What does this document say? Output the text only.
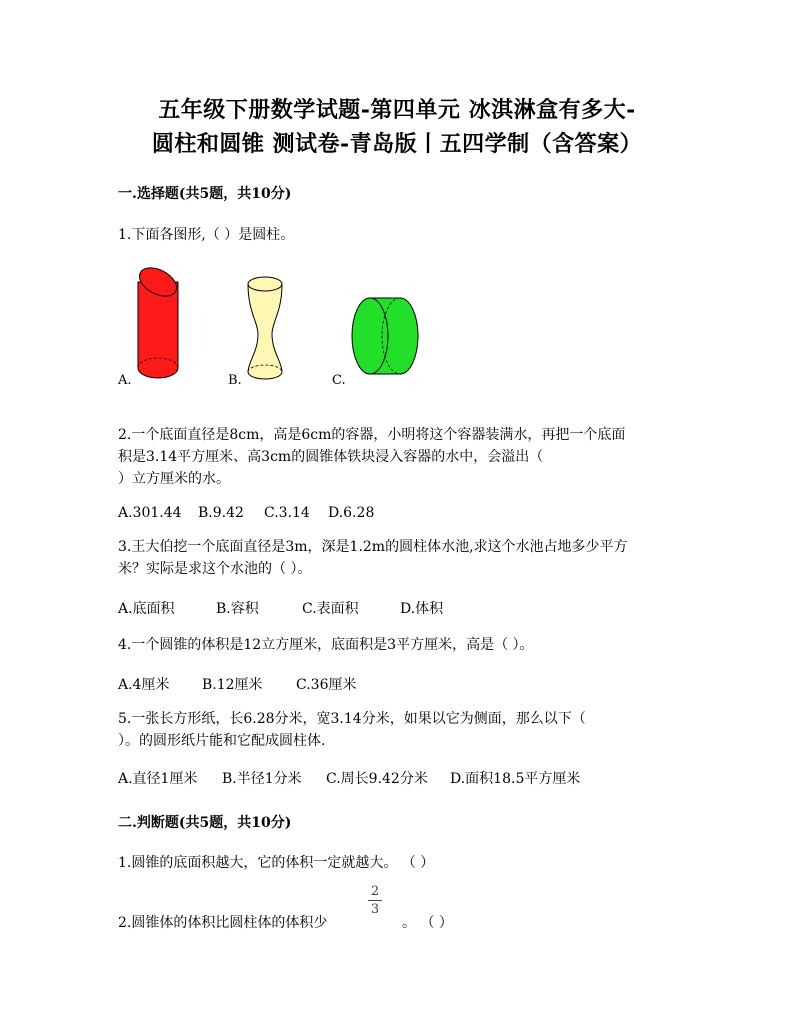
五年级下册数学试题-第四单元 冰淇淋盒有多大-
圆柱和圆锥 测试卷-青岛版丨五四学制（含答案）
一.选择题(共5题，共10分)
1.下面各图形,（ ）是圆柱。
A.	B.	C.
2.一个底面直径是8cm，高是6cm的容器，小明将这个容器装满水，再把一个底面
积是3.14平方厘米、高3cm的圆锥体铁块浸入容器的水中，会溢出（
）立方厘米的水。
A.301.44 B.9.42 C.3.14 D.6.28
3.王大伯挖一个底面直径是3m，深是1.2m的圆柱体水池,求这个水池占地多少平方
米？实际是求这个水池的（ ）。
A.底面积	B.容积	C.表面积	D.体积
4.一个圆锥的体积是12立方厘米，底面积是3平方厘米，高是（ ）。
A.4厘米 B.12厘米 C.36厘米
5.一张长方形纸，长6.28分米，宽3.14分米，如果以它为侧面，那么以下（
）。的圆形纸片能和它配成圆柱体.
A.直径1厘米 B.半径1分米 C.周长9.42分米 D.面积18.5平方厘米
二.判断题(共5题，共10分)
1.圆锥的底面积越大，它的体积一定就越大。 （ ）
2.圆锥体的体积比圆柱体的体积少
2
3
。 （ ）
